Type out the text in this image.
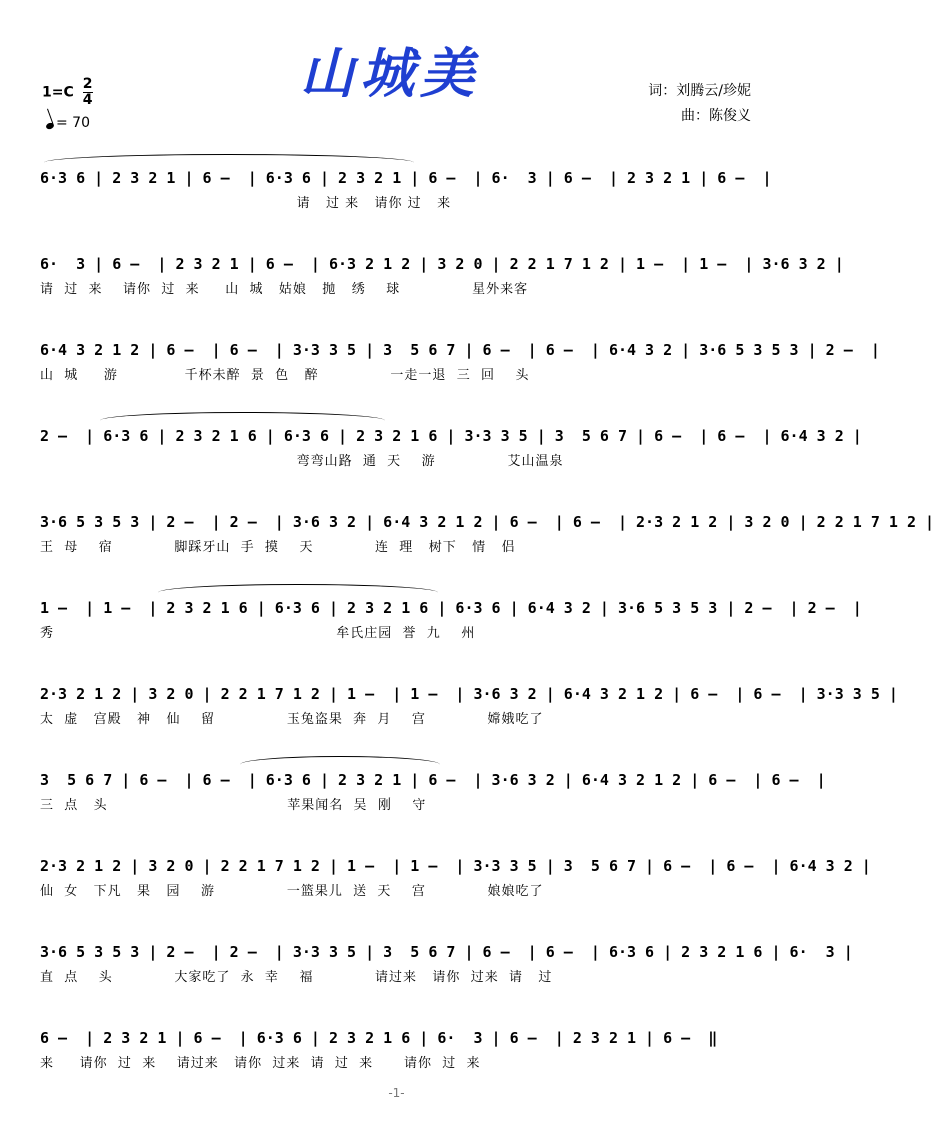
山城美
$1=C \frac{2}{4}$
= 70
词：刘腾云/珍妮
曲：陈俊义
6·3 6 | 2 3 2 1 | 6 –  | 6·3 6 | 2 3 2 1 | 6 –  | 6·  3 | 6 –  | 2 3 2 1 | 6 –  |
请   过 来   请你 过   来
6·  3 | 6 –  | 2 3 2 1 | 6 –  | 6·3 2 1 2 | 3 2 0 | 2 2 1 7 1 2 | 1 –  | 1 –  | 3·6 3 2 |
请  过  来    请你  过  来     山  城   姑娘   抛   绣    球              星外来客
6·4 3 2 1 2 | 6 –  | 6 –  | 3·3 3 5 | 3  5 6 7 | 6 –  | 6 –  | 6·4 3 2 | 3·6 5 3 5 3 | 2 –  |
山  城     游             千杯未醉  景  色   醉              一走一退  三  回    头
2 –  | 6·3 6 | 2 3 2 1 6 | 6·3 6 | 2 3 2 1 6 | 3·3 3 5 | 3  5 6 7 | 6 –  | 6 –  | 6·4 3 2 |
弯弯山路  通  天    游              艾山温泉
3·6 5 3 5 3 | 2 –  | 2 –  | 3·6 3 2 | 6·4 3 2 1 2 | 6 –  | 6 –  | 2·3 2 1 2 | 3 2 0 | 2 2 1 7 1 2 |
王  母    宿            脚踩牙山  手  摸    天            连  理   树下   情   侣
1 –  | 1 –  | 2 3 2 1 6 | 6·3 6 | 2 3 2 1 6 | 6·3 6 | 6·4 3 2 | 3·6 5 3 5 3 | 2 –  | 2 –  |
秀                                                       牟氏庄园  誉  九    州
2·3 2 1 2 | 3 2 0 | 2 2 1 7 1 2 | 1 –  | 1 –  | 3·6 3 2 | 6·4 3 2 1 2 | 6 –  | 6 –  | 3·3 3 5 |
太  虚   宫殿   神   仙    留              玉兔盗果  奔  月    宫            嫦娥吃了
3  5 6 7 | 6 –  | 6 –  | 6·3 6 | 2 3 2 1 | 6 –  | 3·6 3 2 | 6·4 3 2 1 2 | 6 –  | 6 –  |
三  点   头                                   苹果闻名  吴  刚    守
2·3 2 1 2 | 3 2 0 | 2 2 1 7 1 2 | 1 –  | 1 –  | 3·3 3 5 | 3  5 6 7 | 6 –  | 6 –  | 6·4 3 2 |
仙  女   下凡   果   园    游              一篮果儿  送  天    宫            娘娘吃了
3·6 5 3 5 3 | 2 –  | 2 –  | 3·3 3 5 | 3  5 6 7 | 6 –  | 6 –  | 6·3 6 | 2 3 2 1 6 | 6·  3 |
直  点    头            大家吃了  永  幸    福            请过来   请你  过来  请   过
6 –  | 2 3 2 1 | 6 –  | 6·3 6 | 2 3 2 1 6 | 6·  3 | 6 –  | 2 3 2 1 | 6 –  ‖
来     请你  过  来    请过来   请你  过来  请  过  来      请你  过  来
-1-
